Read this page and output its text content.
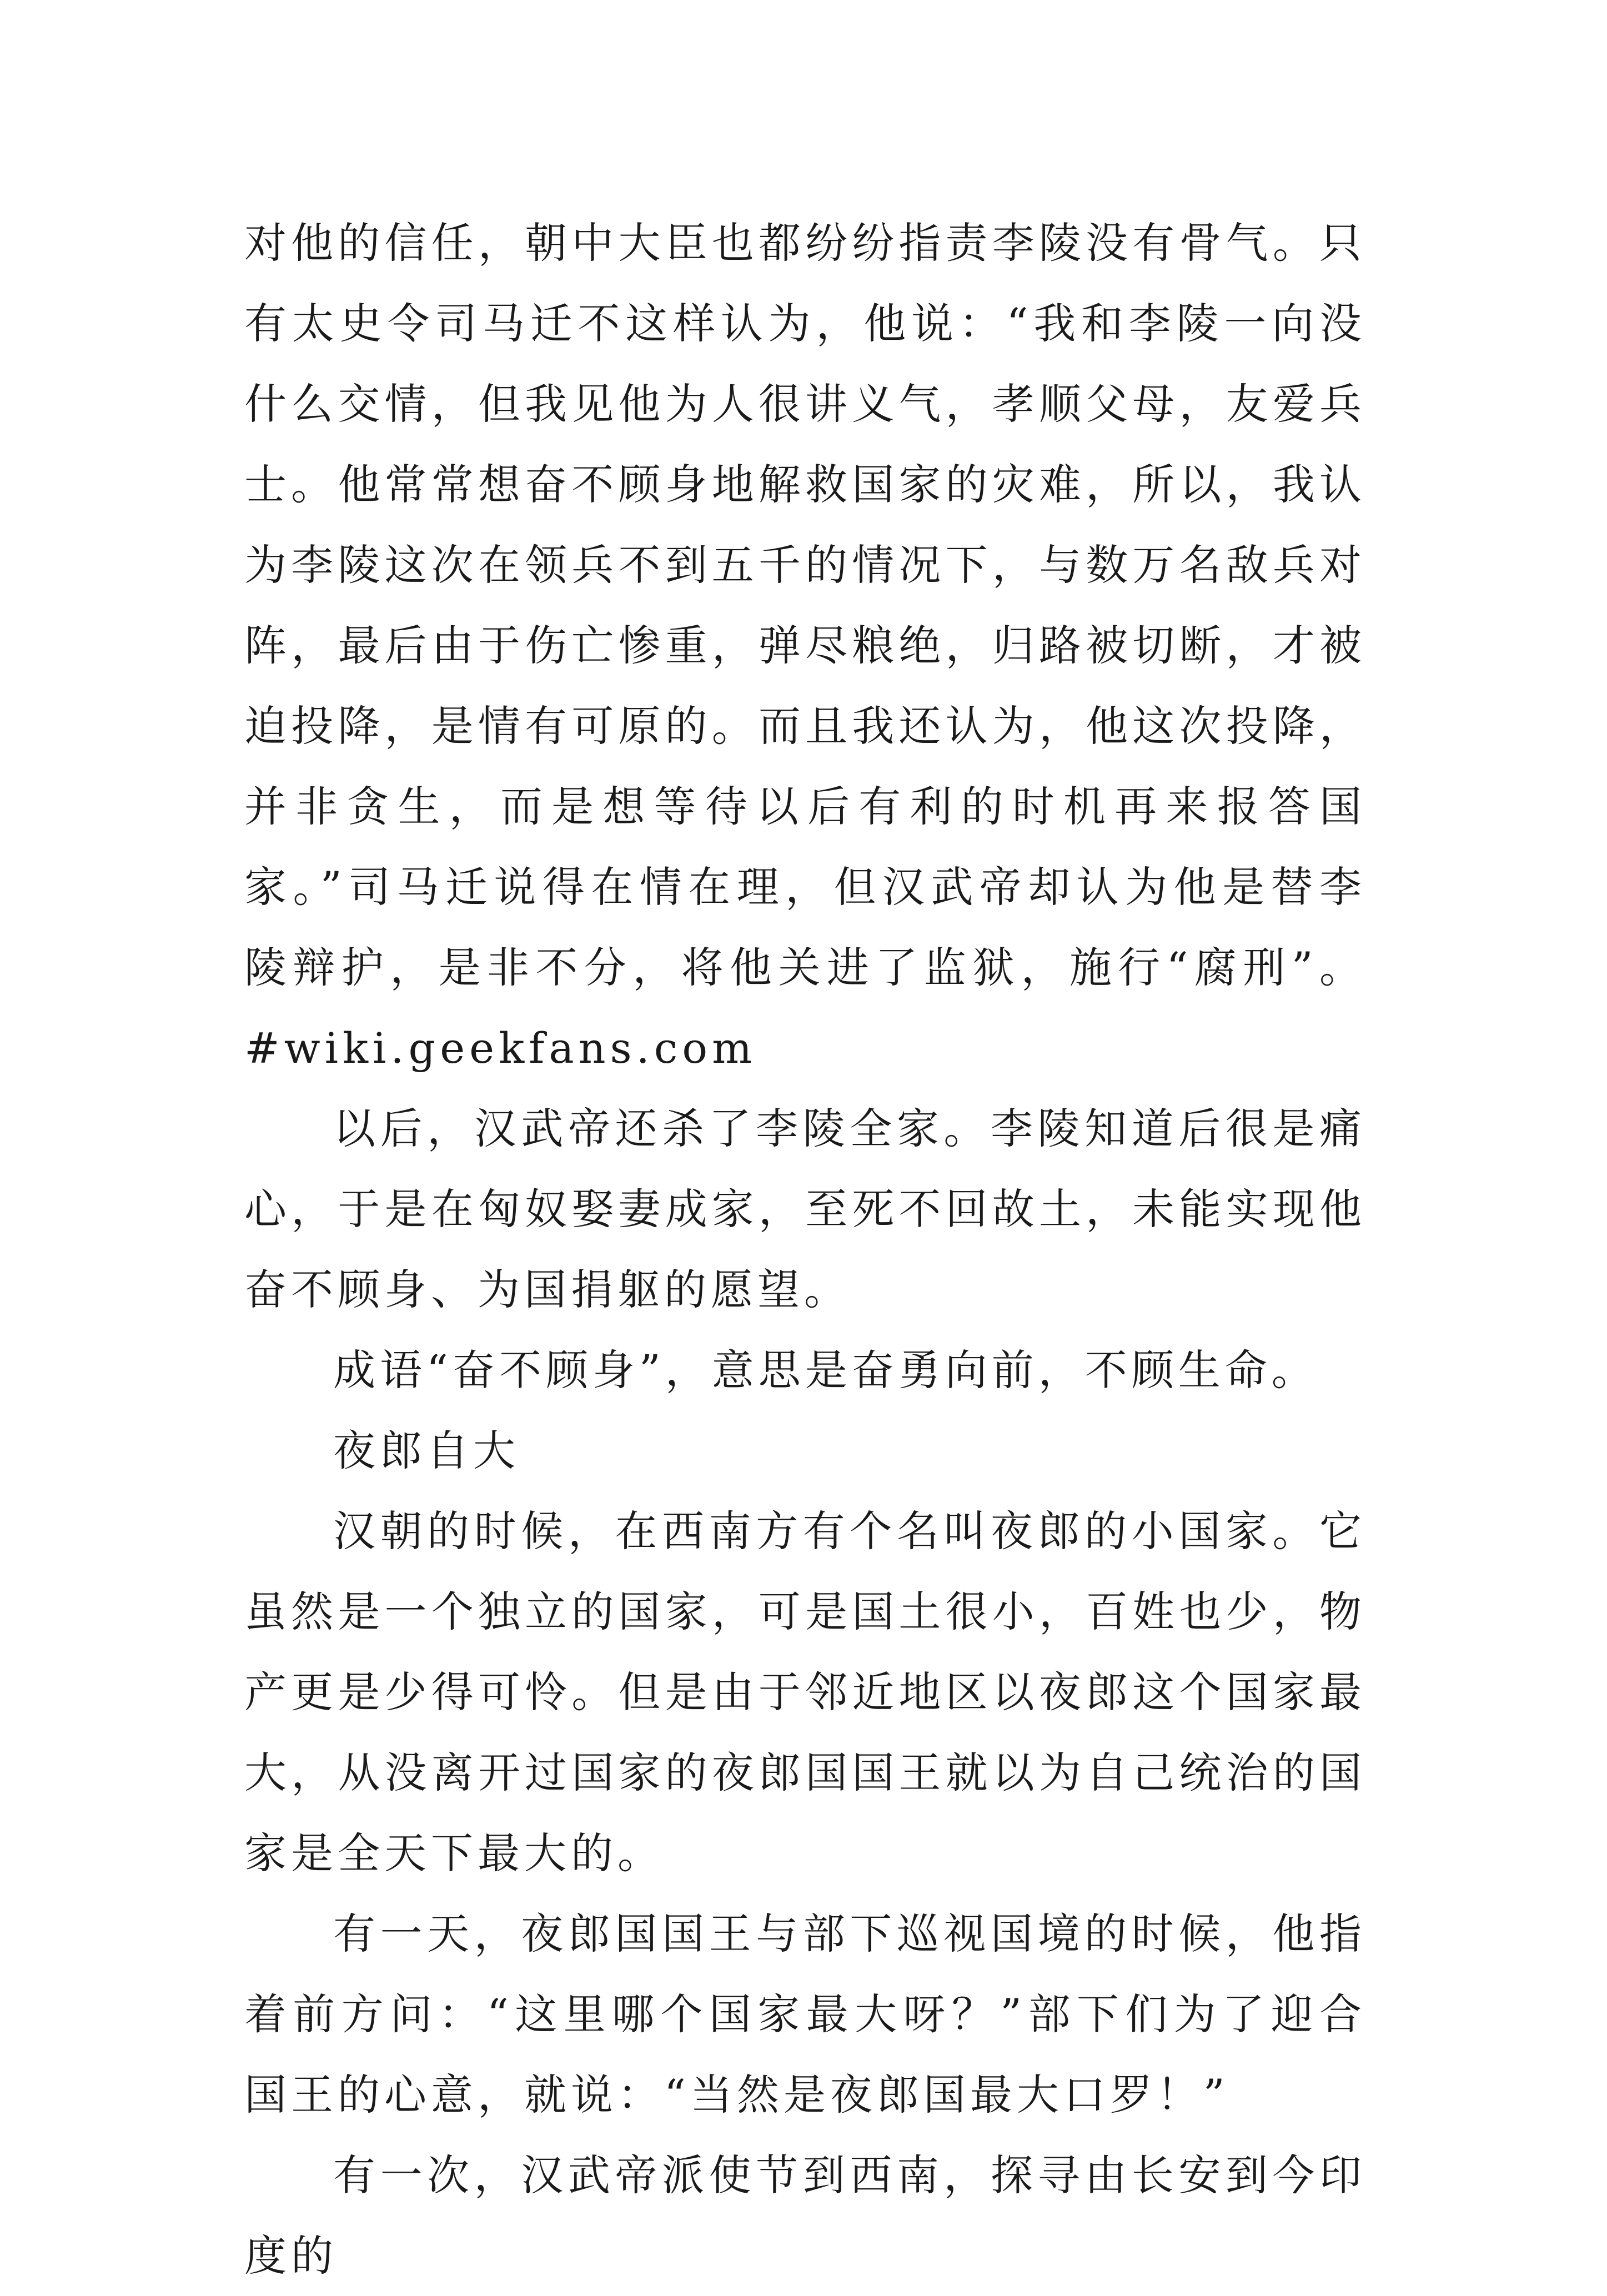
对他的信任，朝中大臣也都纷纷指责李陵没有骨气。只有太史令司马迁不这样认为，他说：“我和李陵一向没什么交情，但我见他为人很讲义气，孝顺父母，友爱兵士。他常常想奋不顾身地解救国家的灾难，所以，我认为李陵这次在领兵不到五千的情况下，与数万名敌兵对阵，最后由于伤亡惨重，弹尽粮绝，归路被切断，才被迫投降，是情有可原的。而且我还认为，他这次投降，并非贪生，而是想等待以后有利的时机再来报答国家。”司马迁说得在情在理，但汉武帝却认为他是替李陵辩护，是非不分，将他关进了监狱，施行“腐刑”。 #wiki.geekfans.com

以后，汉武帝还杀了李陵全家。李陵知道后很是痛心，于是在匈奴娶妻成家，至死不回故土，未能实现他奋不顾身、为国捐躯的愿望。

成语“奋不顾身”，意思是奋勇向前，不顾生命。

夜郎自大

汉朝的时候，在西南方有个名叫夜郎的小国家。它虽然是一个独立的国家，可是国土很小，百姓也少，物产更是少得可怜。但是由于邻近地区以夜郎这个国家最大，从没离开过国家的夜郎国国王就以为自己统治的国家是全天下最大的。

有一天，夜郎国国王与部下巡视国境的时候，他指着前方问：“这里哪个国家最大呀？”部下们为了迎合国王的心意，就说：“当然是夜郎国最大口罗！”

有一次，汉武帝派使节到西南，探寻由长安到今印度的
